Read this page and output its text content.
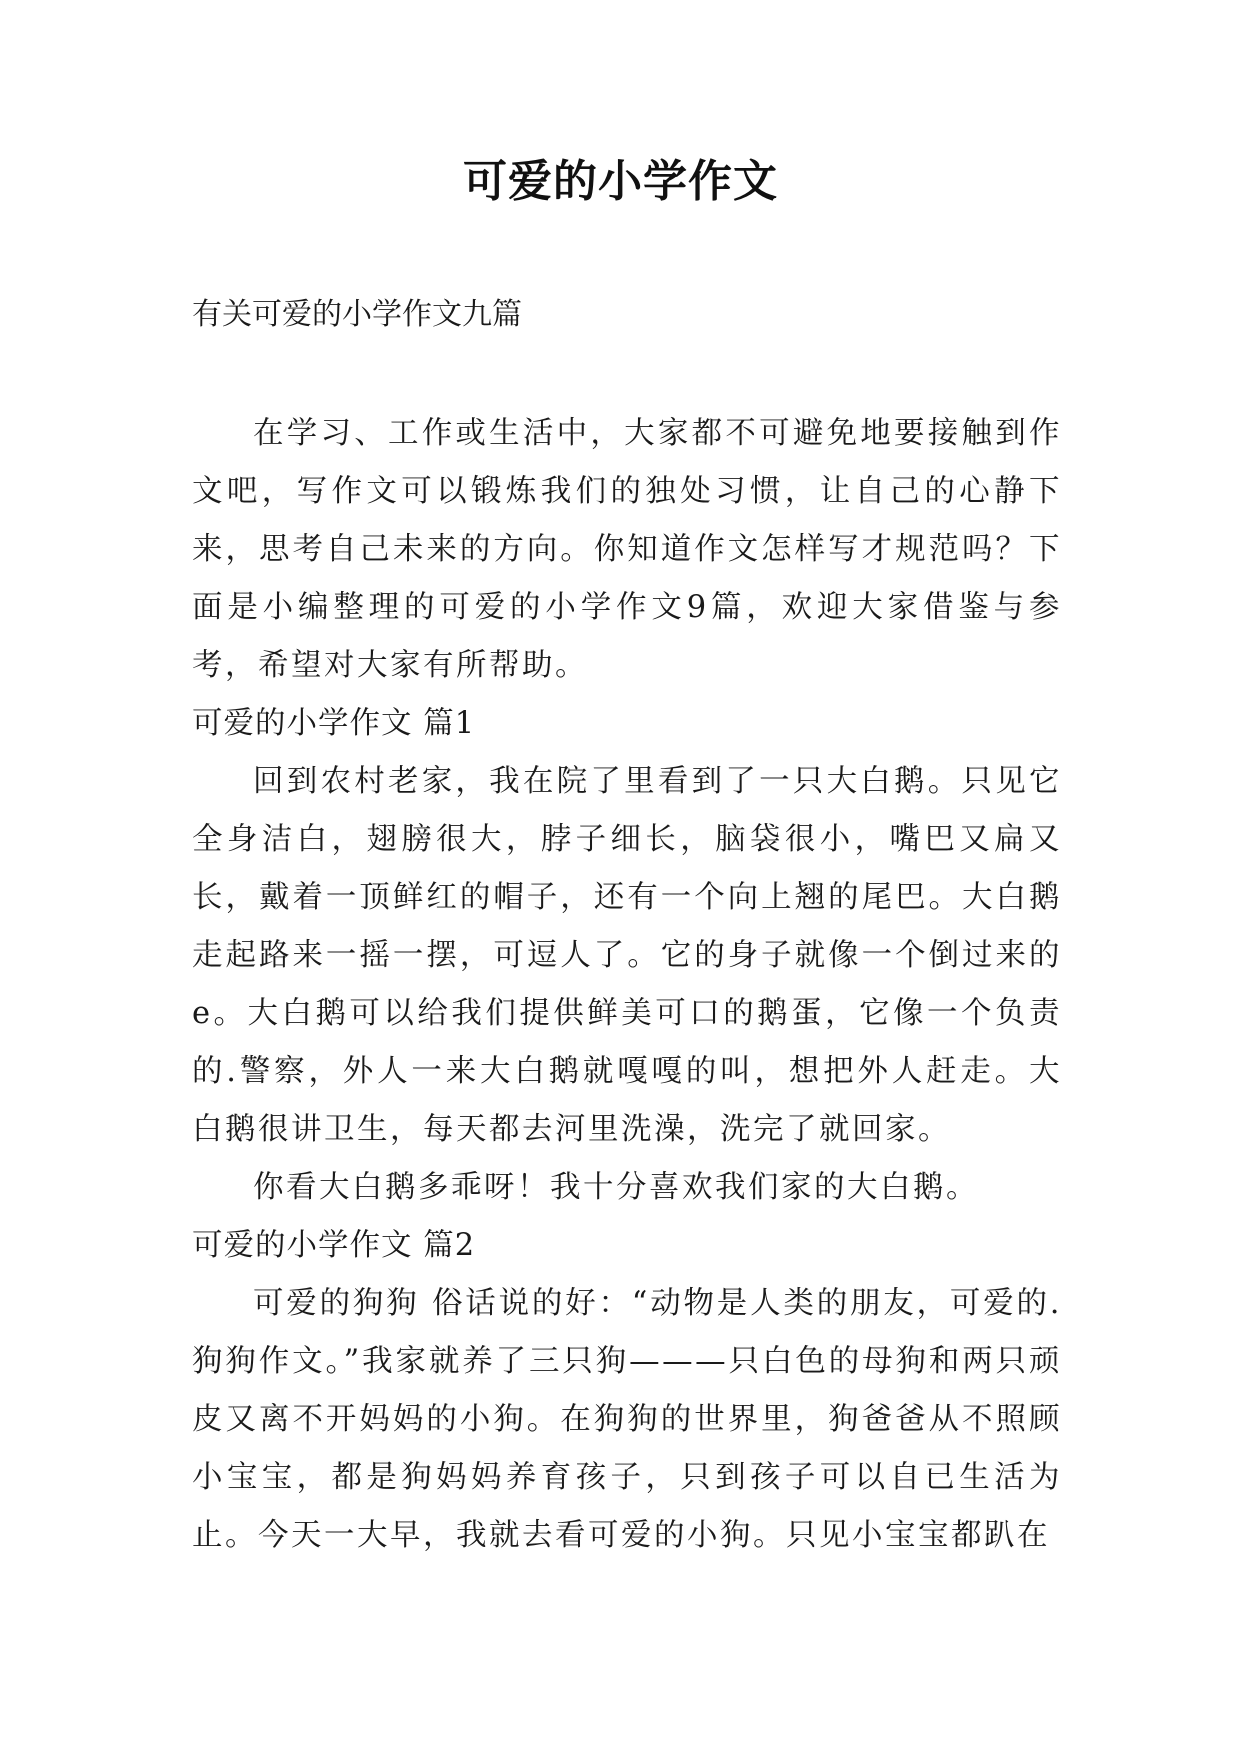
可爱的小学作文

有关可爱的小学作文九篇

在学习、工作或生活中，大家都不可避免地要接触到作文吧，写作文可以锻炼我们的独处习惯，让自己的心静下来，思考自己未来的方向。你知道作文怎样写才规范吗？下面是小编整理的可爱的小学作文9篇，欢迎大家借鉴与参考，希望对大家有所帮助。

可爱的小学作文 篇1

回到农村老家，我在院了里看到了一只大白鹅。只见它全身洁白，翅膀很大，脖子细长，脑袋很小，嘴巴又扁又长，戴着一顶鲜红的帽子，还有一个向上翘的尾巴。大白鹅走起路来一摇一摆，可逗人了。它的身子就像一个倒过来的e。大白鹅可以给我们提供鲜美可口的鹅蛋，它像一个负责的.警察，外人一来大白鹅就嘎嘎的叫，想把外人赶走。大白鹅很讲卫生，每天都去河里洗澡，洗完了就回家。

你看大白鹅多乖呀！我十分喜欢我们家的大白鹅。

可爱的小学作文 篇2

可爱的狗狗 俗话说的好：“动物是人类的朋友，可爱的.狗狗作文。”我家就养了三只狗———只白色的母狗和两只顽皮又离不开妈妈的小狗。在狗狗的世界里，狗爸爸从不照顾小宝宝，都是狗妈妈养育孩子，只到孩子可以自已生活为止。今天一大早，我就去看可爱的小狗。只见小宝宝都趴在
